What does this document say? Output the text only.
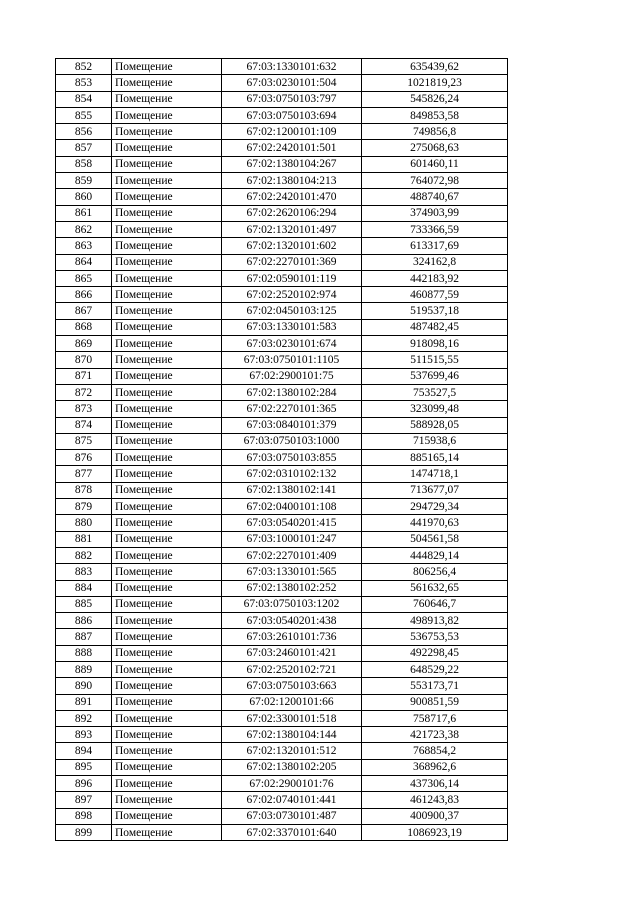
852	Помещение	67:03:1330101:632	635439,62
853	Помещение	67:03:0230101:504	1021819,23
854	Помещение	67:03:0750103:797	545826,24
855	Помещение	67:03:0750103:694	849853,58
856	Помещение	67:02:1200101:109	749856,8
857	Помещение	67:02:2420101:501	275068,63
858	Помещение	67:02:1380104:267	601460,11
859	Помещение	67:02:1380104:213	764072,98
860	Помещение	67:02:2420101:470	488740,67
861	Помещение	67:02:2620106:294	374903,99
862	Помещение	67:02:1320101:497	733366,59
863	Помещение	67:02:1320101:602	613317,69
864	Помещение	67:02:2270101:369	324162,8
865	Помещение	67:02:0590101:119	442183,92
866	Помещение	67:02:2520102:974	460877,59
867	Помещение	67:02:0450103:125	519537,18
868	Помещение	67:03:1330101:583	487482,45
869	Помещение	67:03:0230101:674	918098,16
870	Помещение	67:03:0750101:1105	511515,55
871	Помещение	67:02:2900101:75	537699,46
872	Помещение	67:02:1380102:284	753527,5
873	Помещение	67:02:2270101:365	323099,48
874	Помещение	67:03:0840101:379	588928,05
875	Помещение	67:03:0750103:1000	715938,6
876	Помещение	67:03:0750103:855	885165,14
877	Помещение	67:02:0310102:132	1474718,1
878	Помещение	67:02:1380102:141	713677,07
879	Помещение	67:02:0400101:108	294729,34
880	Помещение	67:03:0540201:415	441970,63
881	Помещение	67:03:1000101:247	504561,58
882	Помещение	67:02:2270101:409	444829,14
883	Помещение	67:03:1330101:565	806256,4
884	Помещение	67:02:1380102:252	561632,65
885	Помещение	67:03:0750103:1202	760646,7
886	Помещение	67:03:0540201:438	498913,82
887	Помещение	67:03:2610101:736	536753,53
888	Помещение	67:03:2460101:421	492298,45
889	Помещение	67:02:2520102:721	648529,22
890	Помещение	67:03:0750103:663	553173,71
891	Помещение	67:02:1200101:66	900851,59
892	Помещение	67:02:3300101:518	758717,6
893	Помещение	67:02:1380104:144	421723,38
894	Помещение	67:02:1320101:512	768854,2
895	Помещение	67:02:1380102:205	368962,6
896	Помещение	67:02:2900101:76	437306,14
897	Помещение	67:02:0740101:441	461243,83
898	Помещение	67:03:0730101:487	400900,37
899	Помещение	67:02:3370101:640	1086923,19
